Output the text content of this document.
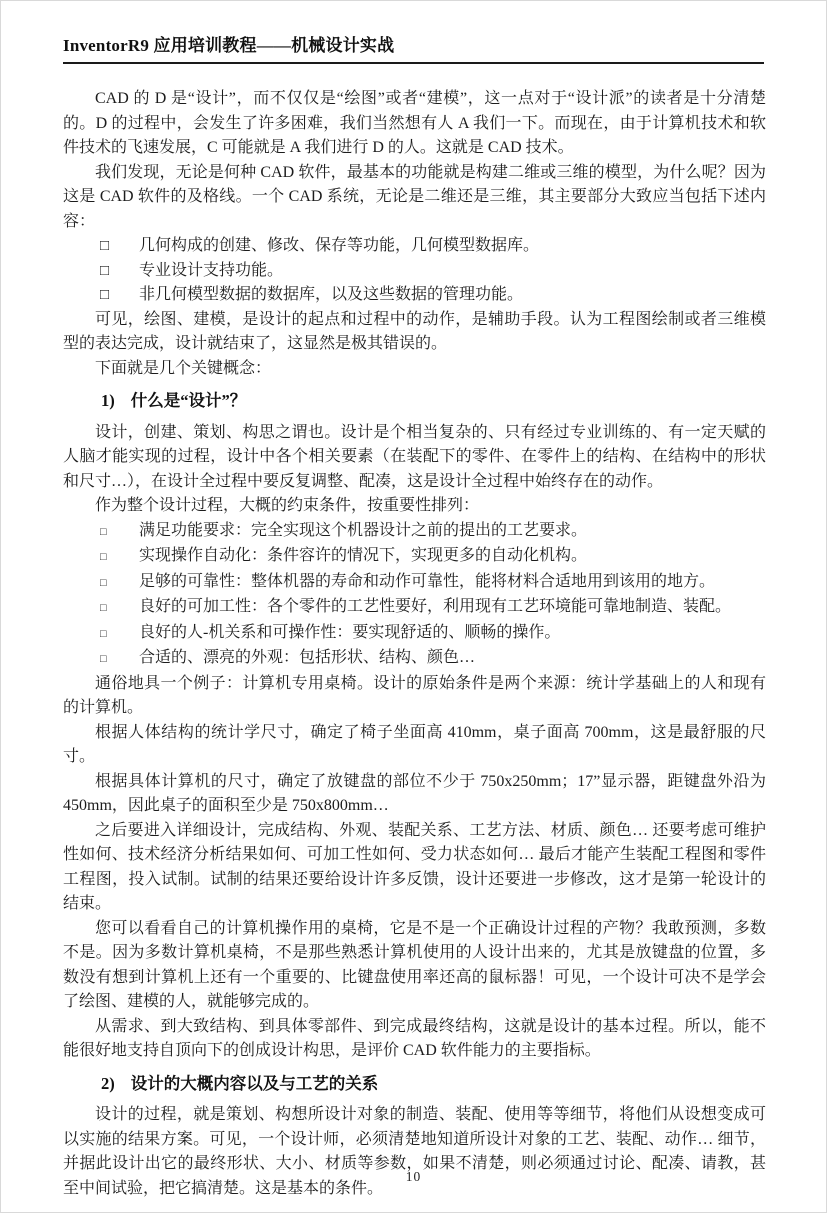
InventorR9 应用培训教程——机械设计实战

CAD 的 D 是“设计”，而不仅仅是“绘图”或者“建模”，这一点对于“设计派”的读者是十分清楚的。D 的过程中，会发生了许多困难，我们当然想有人 A 我们一下。而现在，由于计算机技术和软件技术的飞速发展，C 可能就是 A 我们进行 D 的人。这就是 CAD 技术。

我们发现，无论是何种 CAD 软件，最基本的功能就是构建二维或三维的模型，为什么呢？因为这是 CAD 软件的及格线。一个 CAD 系统，无论是二维还是三维，其主要部分大致应当包括下述内容：

□	几何构成的创建、修改、保存等功能，几何模型数据库。
□	专业设计支持功能。
□	非几何模型数据的数据库，以及这些数据的管理功能。

可见，绘图、建模，是设计的起点和过程中的动作，是辅助手段。认为工程图绘制或者三维模型的表达完成，设计就结束了，这显然是极其错误的。

下面就是几个关键概念：

1) 什么是“设计”？

设计，创建、策划、构思之谓也。设计是个相当复杂的、只有经过专业训练的、有一定天赋的人脑才能实现的过程，设计中各个相关要素（在装配下的零件、在零件上的结构、在结构中的形状和尺寸…），在设计全过程中要反复调整、配凑，这是设计全过程中始终存在的动作。

作为整个设计过程，大概的约束条件，按重要性排列：

□	满足功能要求：完全实现这个机器设计之前的提出的工艺要求。
□	实现操作自动化：条件容许的情况下，实现更多的自动化机构。
□	足够的可靠性：整体机器的寿命和动作可靠性，能将材料合适地用到该用的地方。
□	良好的可加工性：各个零件的工艺性要好，利用现有工艺环境能可靠地制造、装配。
□	良好的人-机关系和可操作性：要实现舒适的、顺畅的操作。
□	合适的、漂亮的外观：包括形状、结构、颜色…

通俗地具一个例子：计算机专用桌椅。设计的原始条件是两个来源：统计学基础上的人和现有的计算机。

根据人体结构的统计学尺寸，确定了椅子坐面高 410mm，桌子面高 700mm，这是最舒服的尺寸。

根据具体计算机的尺寸，确定了放键盘的部位不少于 750x250mm；17”显示器，距键盘外沿为 450mm，因此桌子的面积至少是 750x800mm…

之后要进入详细设计，完成结构、外观、装配关系、工艺方法、材质、颜色… 还要考虑可维护性如何、技术经济分析结果如何、可加工性如何、受力状态如何… 最后才能产生装配工程图和零件工程图，投入试制。试制的结果还要给设计许多反馈，设计还要进一步修改，这才是第一轮设计的结束。

您可以看看自己的计算机操作用的桌椅，它是不是一个正确设计过程的产物？我敢预测，多数不是。因为多数计算机桌椅，不是那些熟悉计算机使用的人设计出来的，尤其是放键盘的位置，多数没有想到计算机上还有一个重要的、比键盘使用率还高的鼠标器！可见，一个设计可决不是学会了绘图、建模的人，就能够完成的。

从需求、到大致结构、到具体零部件、到完成最终结构，这就是设计的基本过程。所以，能不能很好地支持自顶向下的创成设计构思，是评价 CAD 软件能力的主要指标。

2) 设计的大概内容以及与工艺的关系

设计的过程，就是策划、构想所设计对象的制造、装配、使用等等细节，将他们从设想变成可以实施的结果方案。可见，一个设计师，必须清楚地知道所设计对象的工艺、装配、动作… 细节，并据此设计出它的最终形状、大小、材质等参数，如果不清楚，则必须通过讨论、配凑、请教，甚至中间试验，把它搞清楚。这是基本的条件。

10
